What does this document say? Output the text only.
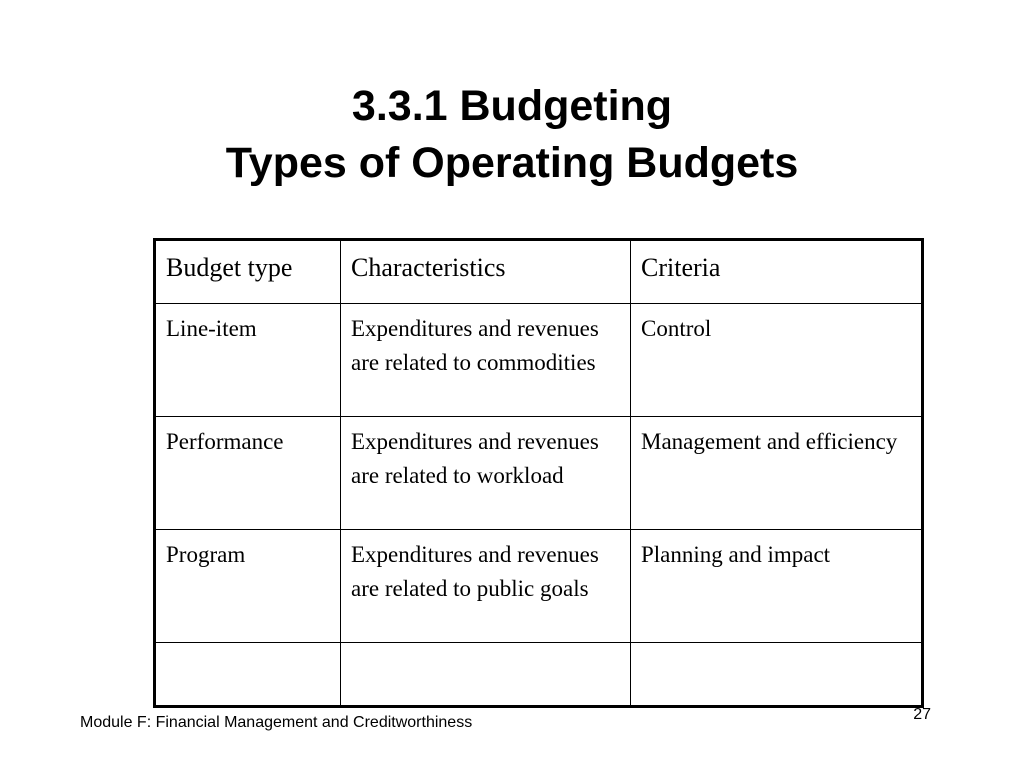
3.3.1 Budgeting
Types of Operating Budgets
Budget type	Characteristics	Criteria
Line-item	Expenditures and revenues are related to commodities	Control
Performance	Expenditures and revenues are related to workload	Management and efficiency
Program	Expenditures and revenues are related to public goals	Planning and impact

Module F: Financial Management and Creditworthiness	27
